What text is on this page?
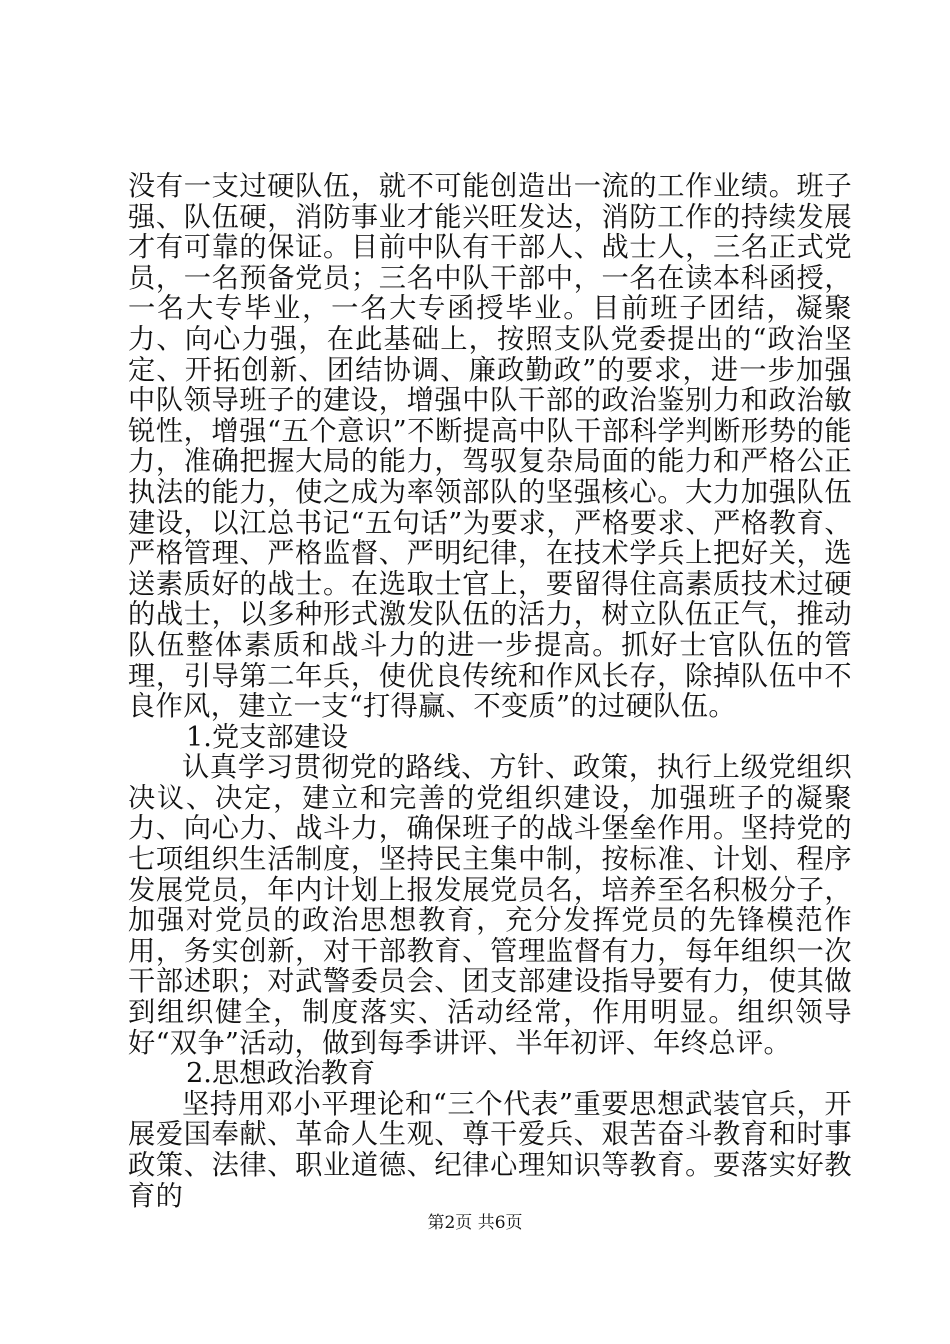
没有一支过硬队伍，就不可能创造出一流的工作业绩。班子强、队伍硬，消防事业才能兴旺发达，消防工作的持续发展才有可靠的保证。目前中队有干部人、战士人，三名正式党员，一名预备党员；三名中队干部中，一名在读本科函授，一名大专毕业，一名大专函授毕业。目前班子团结，凝聚力、向心力强，在此基础上，按照支队党委提出的“政治坚定、开拓创新、团结协调、廉政勤政”的要求，进一步加强中队领导班子的建设，增强中队干部的政治鉴别力和政治敏锐性，增强“五个意识”不断提高中队干部科学判断形势的能力，准确把握大局的能力，驾驭复杂局面的能力和严格公正执法的能力，使之成为率领部队的坚强核心。大力加强队伍建设，以江总书记“五句话”为要求，严格要求、严格教育、严格管理、严格监督、严明纪律，在技术学兵上把好关，选送素质好的战士。在选取士官上，要留得住高素质技术过硬的战士，以多种形式激发队伍的活力，树立队伍正气，推动队伍整体素质和战斗力的进一步提高。抓好士官队伍的管理，引导第二年兵，使优良传统和作风长存，除掉队伍中不良作风，建立一支“打得赢、不变质”的过硬队伍。

1.党支部建设

认真学习贯彻党的路线、方针、政策，执行上级党组织决议、决定，建立和完善的党组织建设，加强班子的凝聚力、向心力、战斗力，确保班子的战斗堡垒作用。坚持党的七项组织生活制度，坚持民主集中制，按标准、计划、程序发展党员，年内计划上报发展党员名，培养至名积极分子，加强对党员的政治思想教育，充分发挥党员的先锋模范作用，务实创新，对干部教育、管理监督有力，每年组织一次干部述职；对武警委员会、团支部建设指导要有力，使其做到组织健全，制度落实、活动经常，作用明显。组织领导好“双争”活动，做到每季讲评、半年初评、年终总评。

2.思想政治教育

坚持用邓小平理论和“三个代表”重要思想武装官兵，开展爱国奉献、革命人生观、尊干爱兵、艰苦奋斗教育和时事政策、法律、职业道德、纪律心理知识等教育。要落实好教育的

第2页 共6页
